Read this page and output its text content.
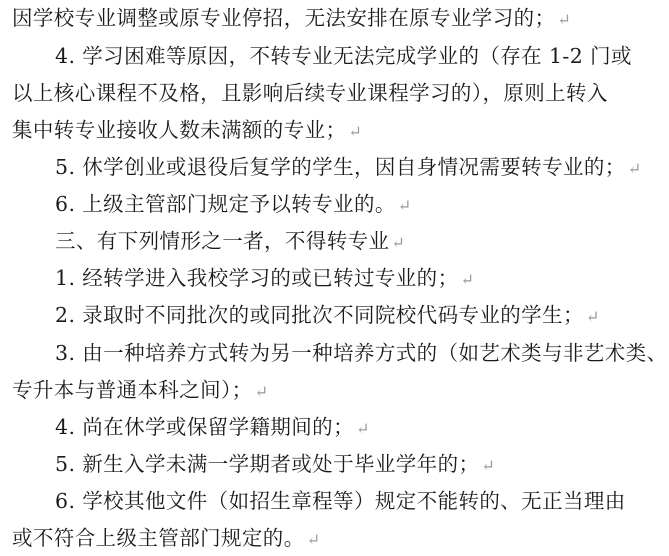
因学校专业调整或原专业停招，无法安排在原专业学习的； ↵
4. 学习困难等原因，不转专业无法完成学业的（存在 1-2 门或
以上核心课程不及格，且影响后续专业课程学习的），原则上转入
集中转专业接收人数未满额的专业； ↵
5. 休学创业或退役后复学的学生，因自身情况需要转专业的； ↵
6. 上级主管部门规定予以转专业的。 ↵
三、有下列情形之一者，不得转专业 ↵
1. 经转学进入我校学习的或已转过专业的； ↵
2. 录取时不同批次的或同批次不同院校代码专业的学生； ↵
3. 由一种培养方式转为另一种培养方式的（如艺术类与非艺术类、
专升本与普通本科之间）； ↵
4. 尚在休学或保留学籍期间的； ↵
5. 新生入学未满一学期者或处于毕业学年的； ↵
6. 学校其他文件（如招生章程等）规定不能转的、无正当理由
或不符合上级主管部门规定的。 ↵
